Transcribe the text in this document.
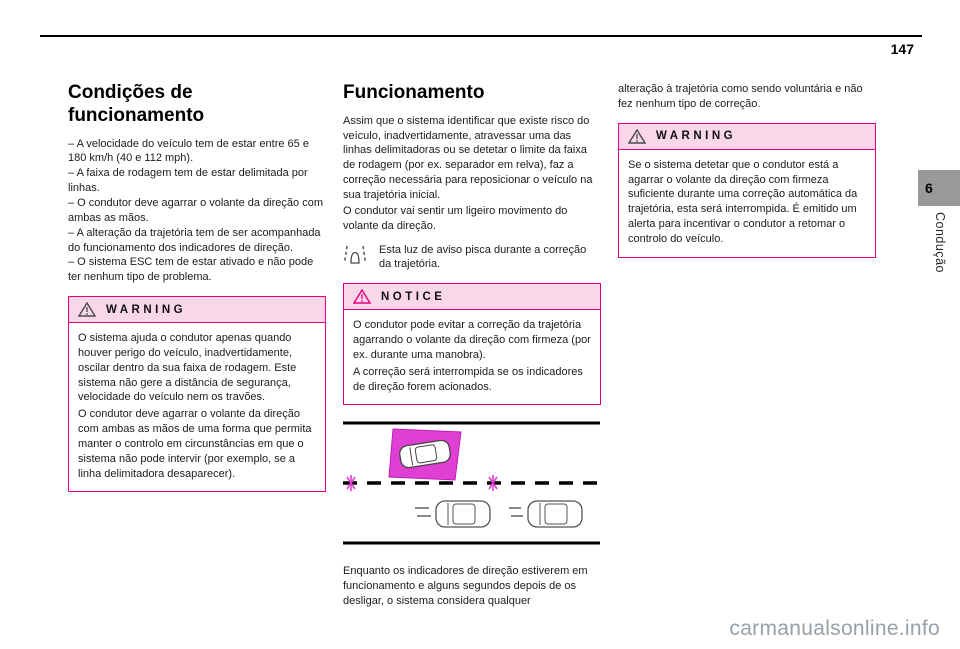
147
6
Condução
Condições de funcionamento
– A velocidade do veículo tem de estar entre 65 e 180 km/h (40 e 112 mph).
– A faixa de rodagem tem de estar delimitada por linhas.
– O condutor deve agarrar o volante da direção com ambas as mãos.
– A alteração da trajetória tem de ser acompanhada do funcionamento dos indicadores de direção.
– O sistema ESC tem de estar ativado e não pode ter nenhum tipo de problema.
WARNING

O sistema ajuda o condutor apenas quando houver perigo do veículo, inadvertidamente, oscilar dentro da sua faixa de rodagem. Este sistema não gere a distância de segurança, velocidade do veículo nem os travões.

O condutor deve agarrar o volante da direção com ambas as mãos de uma forma que permita manter o controlo em circunstâncias em que o sistema não pode intervir (por exemplo, se a linha delimitadora desaparecer).

Funcionamento

Assim que o sistema identificar que existe risco do veículo, inadvertidamente, atravessar uma das linhas delimitadoras ou se detetar o limite da faixa de rodagem (por ex. separador em relva), faz a correção necessária para reposicionar o veículo na sua trajetória inicial.

O condutor vai sentir um ligeiro movimento do volante da direção.

Esta luz de aviso pisca durante a correção da trajetória.
NOTICE

O condutor pode evitar a correção da trajetória agarrando o volante da direção com firmeza (por ex. durante uma manobra).

A correção será interrompida se os indicadores de direção forem acionados.

Enquanto os indicadores de direção estiverem em funcionamento e alguns segundos depois de os desligar, o sistema considera qualquer

alteração à trajetória como sendo voluntária e não fez nenhum tipo de correção.

WARNING

Se o sistema detetar que o condutor está a agarrar o volante da direção com firmeza suficiente durante uma correção automática da trajetória, esta será interrompida. É emitido um alerta para incentivar o condutor a retomar o controlo do veículo.

carmanualsonline.info
